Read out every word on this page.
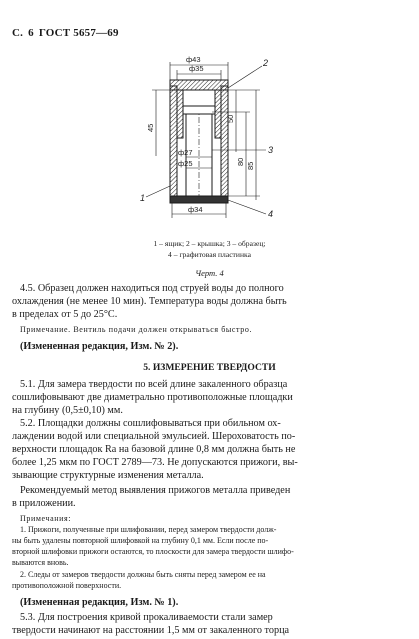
С. 6 ГОСТ 5657—69
ф43
ф35
ф27
ф25
ф34
45
50
80 85
2
3
4
1
1 – ящик; 2 – крышка; 3 – образец;
4 – графитовая пластинка
Черт. 4
4.5. Образец должен находиться под струей воды до полного
охлаждения (не менее 10 мин). Температура воды должна быть
в пределах от 5 до 25°С.
Примечание. Вентиль подачи должен открываться быстро.
(Измененная редакция, Изм. № 2).
5. ИЗМЕРЕНИЕ ТВЕРДОСТИ
5.1. Для замера твердости по всей длине закаленного образца
сошлифовывают две диаметрально противоположные площадки
на глубину (0,5±0,10) мм.
5.2. Площадки должны сошлифовываться при обильном ох-
лаждении водой или специальной эмульсией. Шероховатость по-
верхности площадок Ra на базовой длине 0,8 мм должна быть не
более 1,25 мкм по ГОСТ 2789—73. Не допускаются прижоги, вы-
зывающие структурные изменения металла.
Рекомендуемый метод выявления прижогов металла приведен
в приложении.
Примечания:
1. Прижоги, полученные при шлифовании, перед замером твердости долж-
ны быть удалены повторной шлифовкой на глубину 0,1 мм. Если после по-
вторной шлифовки прижоги остаются, то плоскости для замера твердости шлифо-
вываются вновь.
2. Следы от замеров твердости должны быть сняты перед замером ее на
противоположной поверхности.
(Измененная редакция, Изм. № 1).
5.3. Для построения кривой прокаливаемости стали замер
твердости начинают на расстоянии 1,5 мм от закаленного торца
